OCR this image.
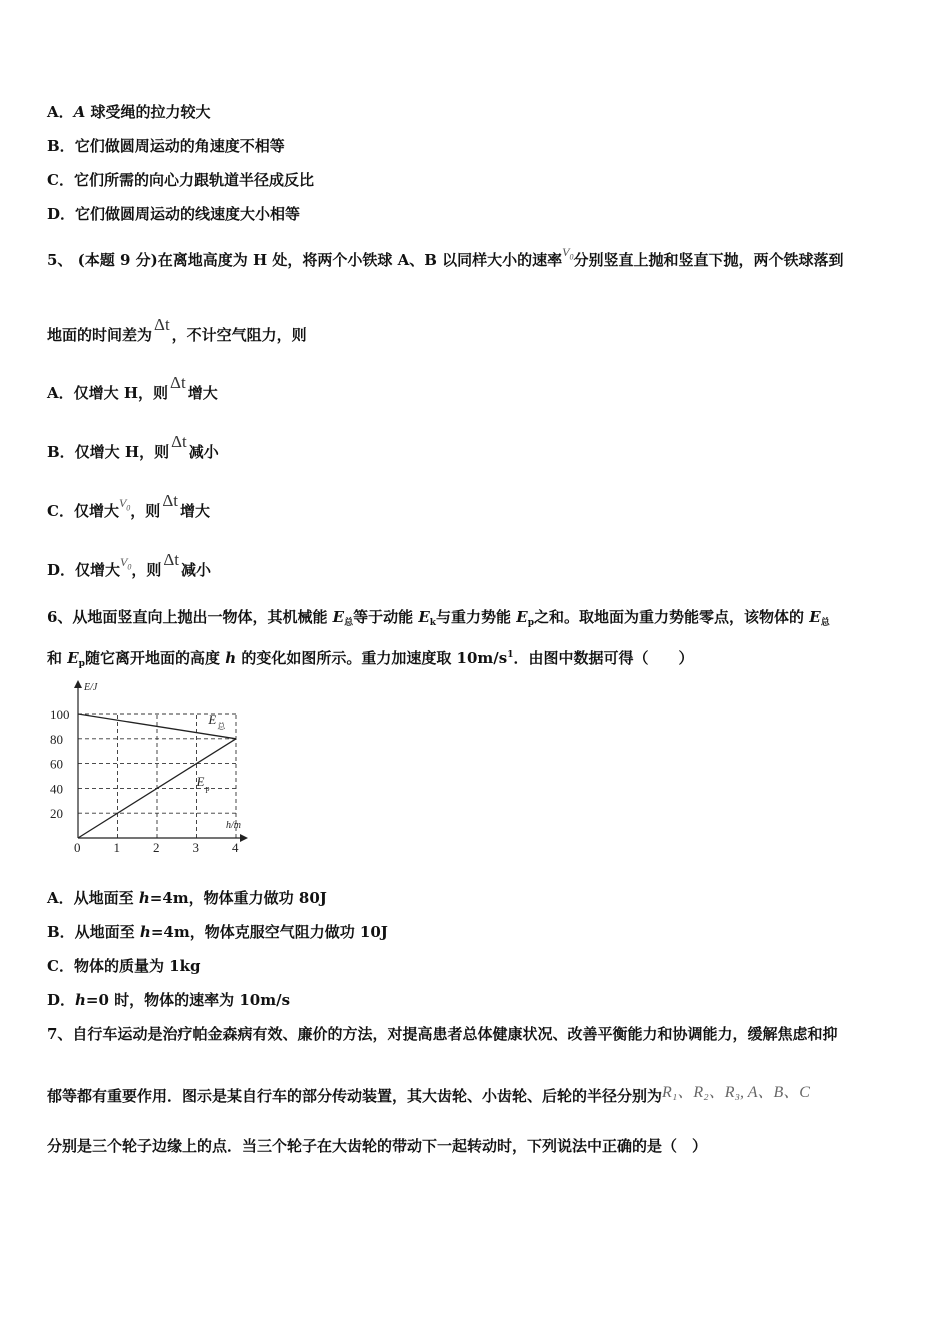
A．A 球受绳的拉力较大
B．它们做圆周运动的角速度不相等
C．它们所需的向心力跟轨道半径成反比
D．它们做圆周运动的线速度大小相等
5、 (本题 9 分)在离地高度为 H 处，将两个小铁球 A、B 以同样大小的速率$^{V_0}$分别竖直上抛和竖直下抛，两个铁球落到
地面的时间差为Δt，不计空气阻力，则
A．仅增大 H，则Δt增大
B．仅增大 H，则Δt减小
C．仅增大$^{V_0}$，则Δt增大
D．仅增大$^{V_0}$，则Δt减小
6、从地面竖直向上抛出一物体，其机械能 $E_总$等于动能 $E_k$与重力势能 $E_p$之和。取地面为重力势能零点，该物体的 $E_总$
和 $E_p$随它离开地面的高度 h 的变化如图所示。重力加速度取 $10m/s^1$．由图中数据可得（　　）
E/J
h/m
0	1	2	3	4
20
40
60
80
100	E 总
E p
A．从地面至 h=4m，物体重力做功 80J
B．从地面至 h=4m，物体克服空气阻力做功 10J
C．物体的质量为 1kg
D．h=0 时，物体的速率为 10m/s
7、自行车运动是治疗帕金森病有效、廉价的方法，对提高患者总体健康状况、改善平衡能力和协调能力，缓解焦虑和抑
郁等都有重要作用．图示是某自行车的部分传动装置，其大齿轮、小齿轮、后轮的半径分别为R₁、R₂、R₃, A、B、C
分别是三个轮子边缘上的点．当三个轮子在大齿轮的带动下一起转动时，下列说法中正确的是（　）
